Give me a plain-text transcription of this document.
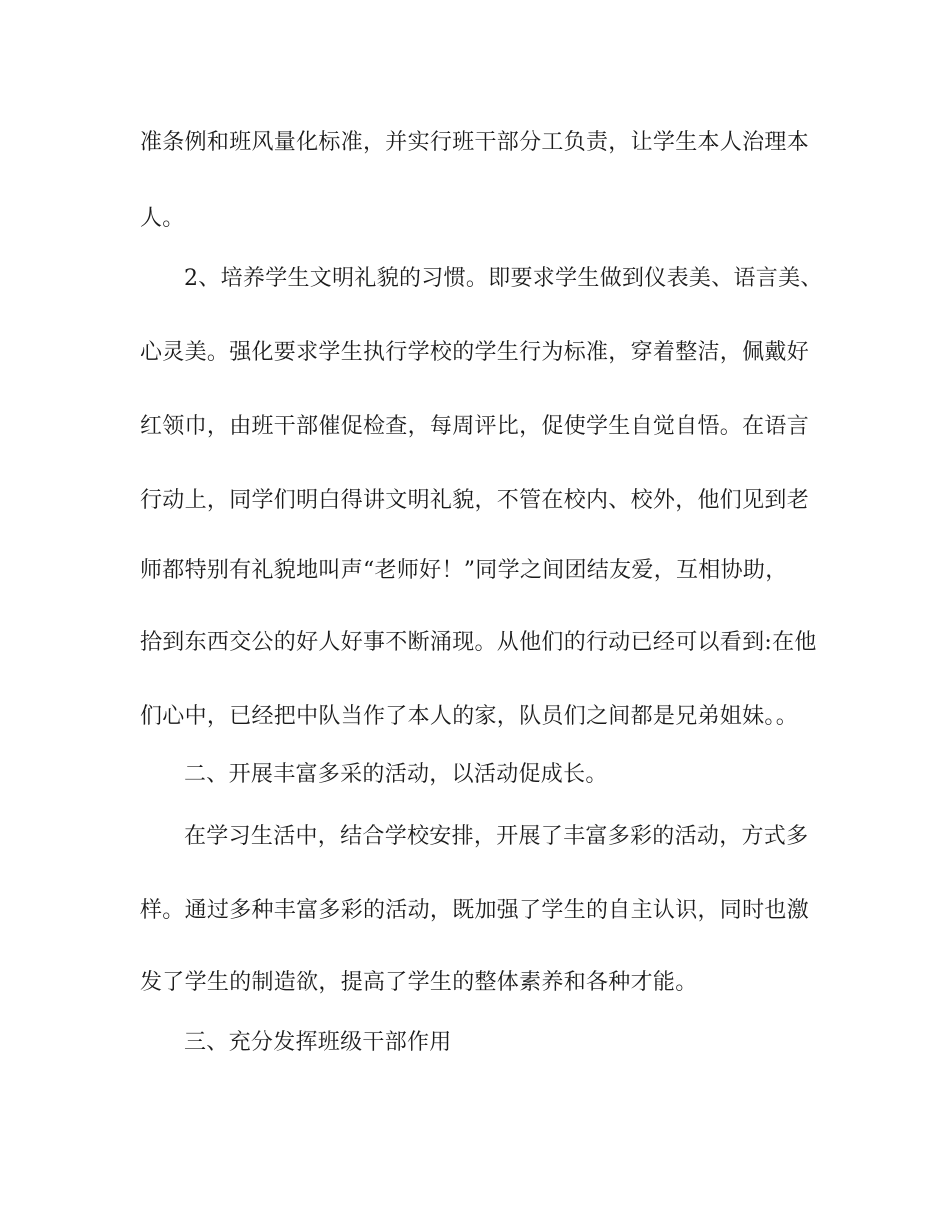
准条例和班风量化标准，并实行班干部分工负责，让学生本人治理本
人。
2、培养学生文明礼貌的习惯。即要求学生做到仪表美、语言美、
心灵美。强化要求学生执行学校的学生行为标准，穿着整洁，佩戴好
红领巾，由班干部催促检查，每周评比，促使学生自觉自悟。在语言
行动上，同学们明白得讲文明礼貌，不管在校内、校外，他们见到老
师都特别有礼貌地叫声“老师好！”同学之间团结友爱，互相协助，
拾到东西交公的好人好事不断涌现。从他们的行动已经可以看到:在他
们心中，已经把中队当作了本人的家，队员们之间都是兄弟姐妹。。
二、开展丰富多采的活动，以活动促成长。
在学习生活中，结合学校安排，开展了丰富多彩的活动，方式多
样。通过多种丰富多彩的活动，既加强了学生的自主认识，同时也激
发了学生的制造欲，提高了学生的整体素养和各种才能。
三、充分发挥班级干部作用
